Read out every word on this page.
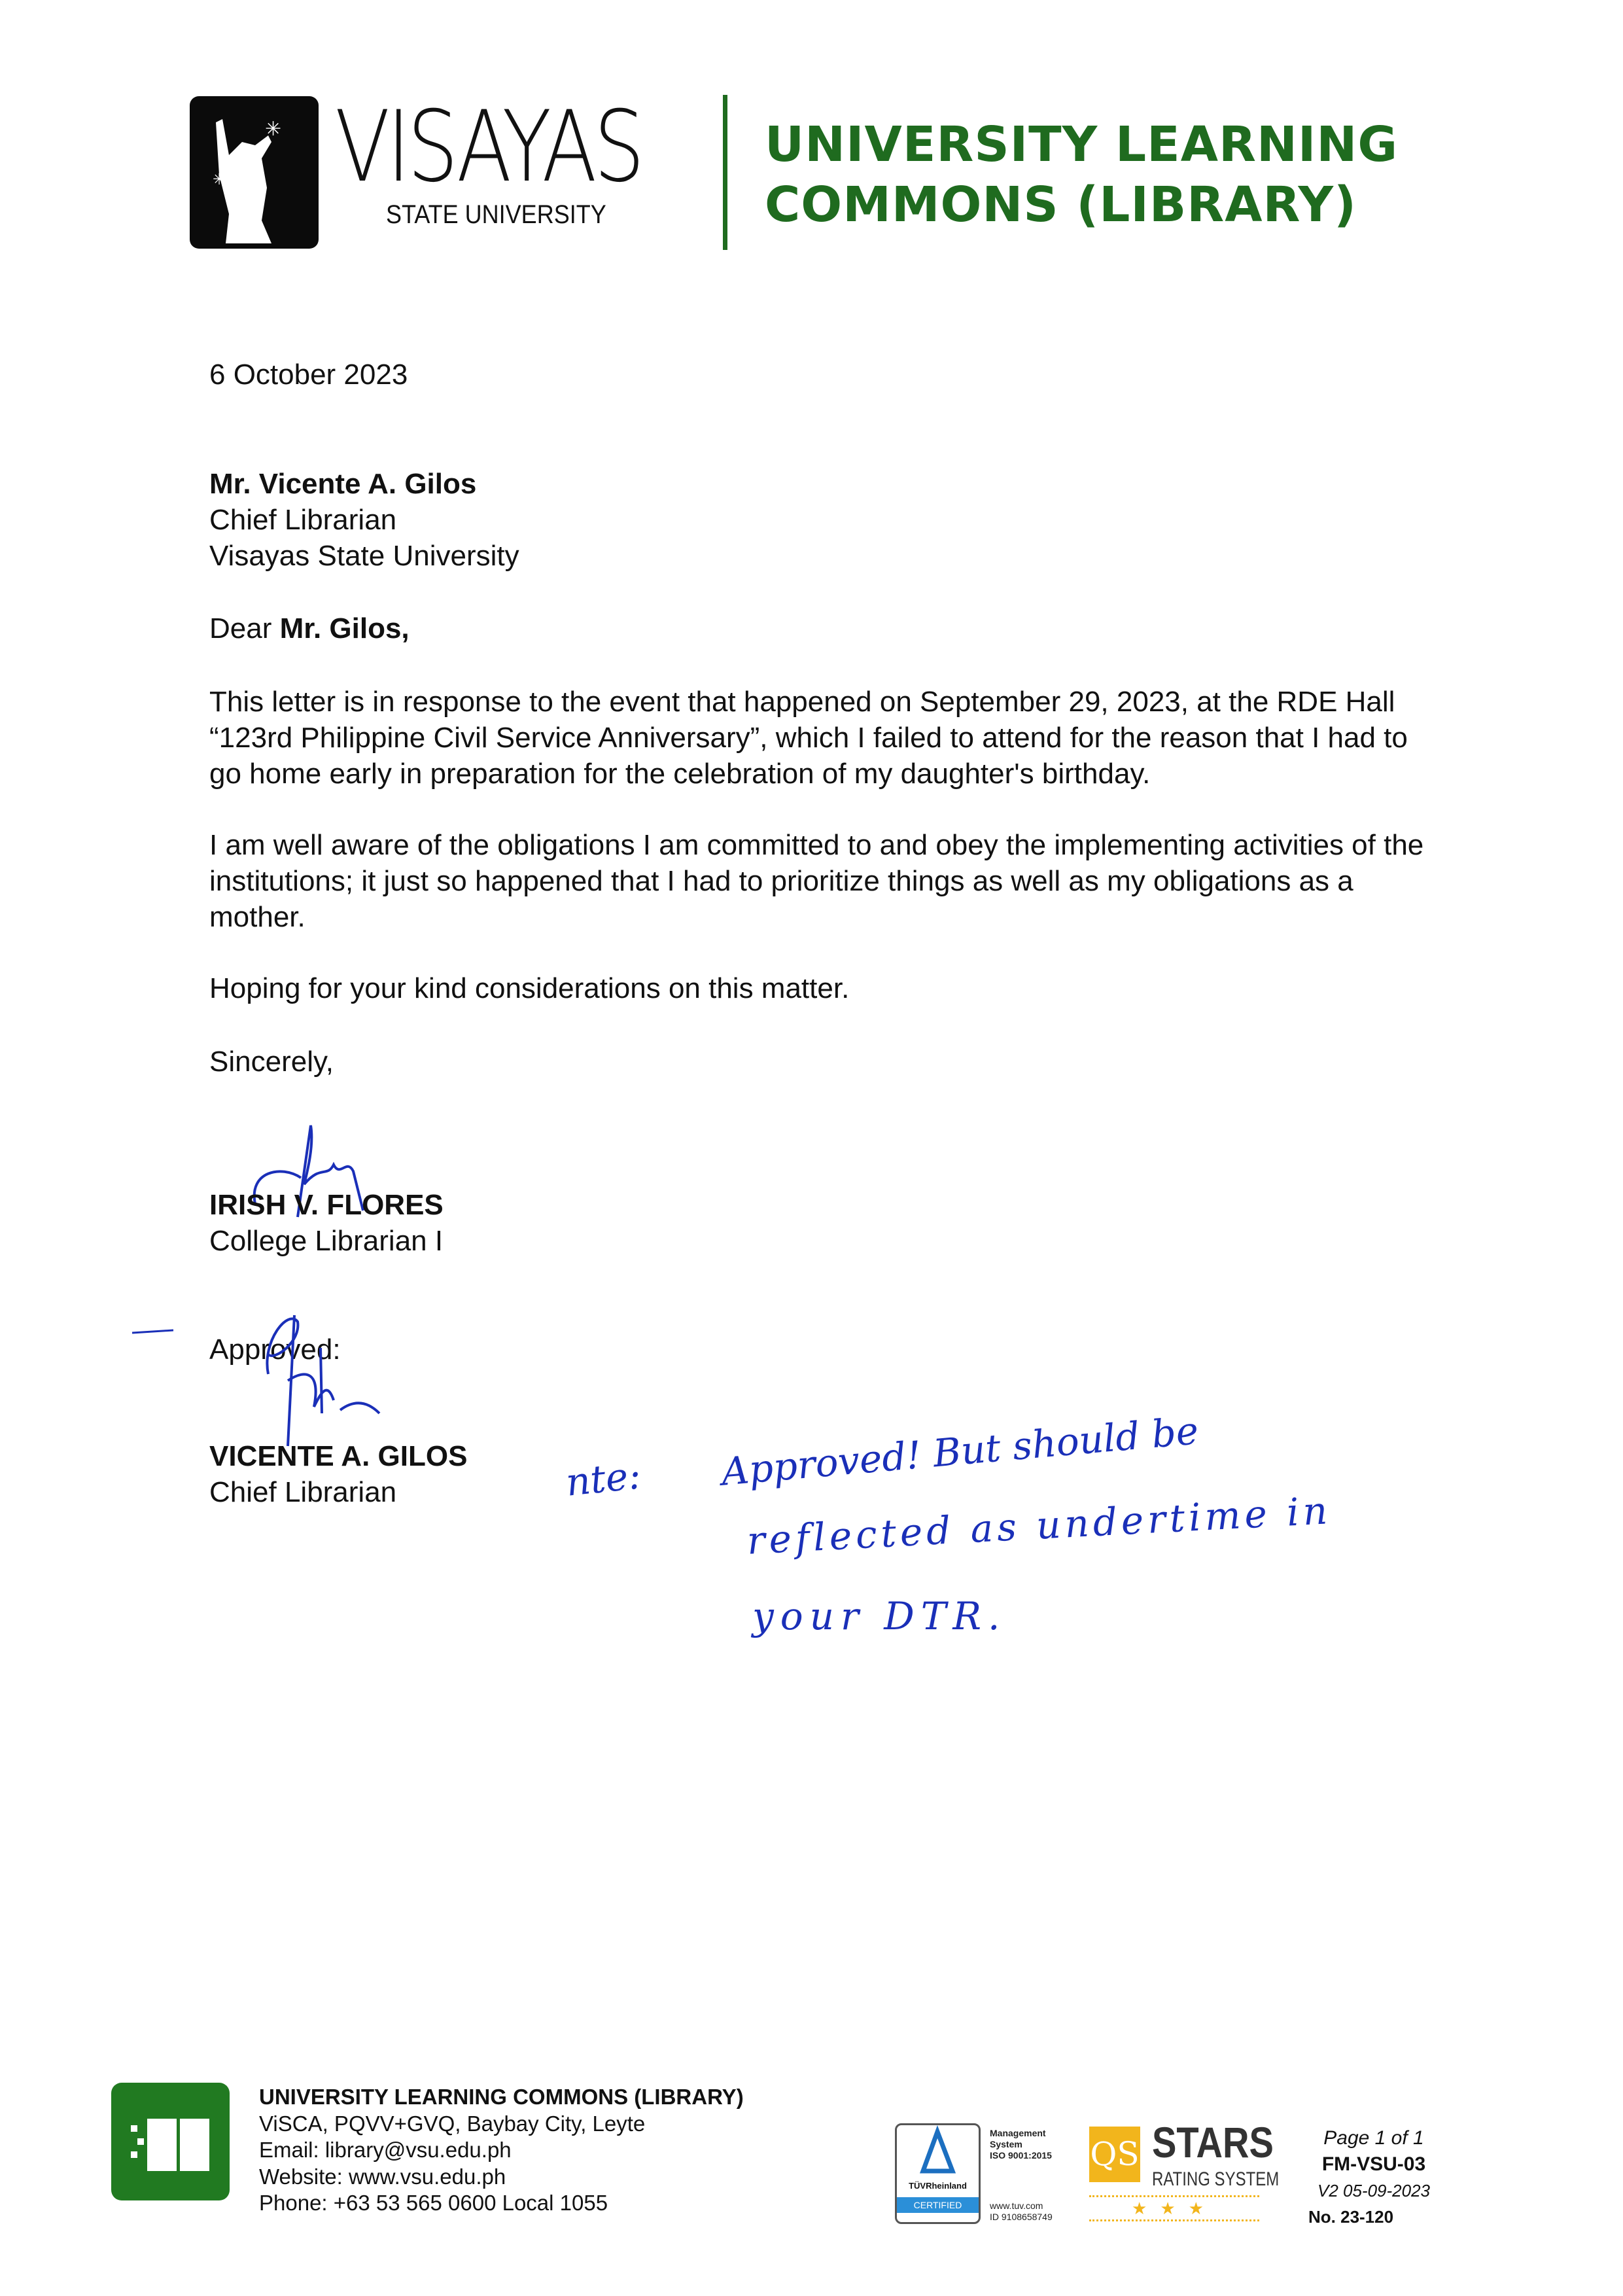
✳
✳ VISAYAS
STATE UNIVERSITY
UNIVERSITY LEARNING
COMMONS (LIBRARY)
6 October 2023
Mr. Vicente A. Gilos
Chief Librarian
Visayas State University
Dear Mr. Gilos,
This letter is in response to the event that happened on September 29, 2023, at the RDE Hall “123rd Philippine Civil Service Anniversary”, which I failed to attend for the reason that I had to go home early in preparation for the celebration of my daughter's birthday.
I am well aware of the obligations I am committed to and obey the implementing activities of the institutions; it just so happened that I had to prioritize things as well as my obligations as a mother.
Hoping for your kind considerations on this matter.
Sincerely,
IRISH V. FLORES
College Librarian I
Approved:
VICENTE A. GILOS
Chief Librarian	nte: Approved! But should be
reflected as undertime in
your DTR.
UNIVERSITY LEARNING COMMONS (LIBRARY)
ViSCA, PQVV+GVQ, Baybay City, Leyte
Email: library@vsu.edu.ph
Website: www.vsu.edu.ph
Phone: +63 53 565 0600 Local 1055
TÜVRheinland
CERTIFIED
Management
System
ISO 9001:2015
www.tuv.com
ID 9108658749
QS STARS
RATING SYSTEM
★★★
Page 1 of 1
FM-VSU-03
V2 05-09-2023
No. 23-120
